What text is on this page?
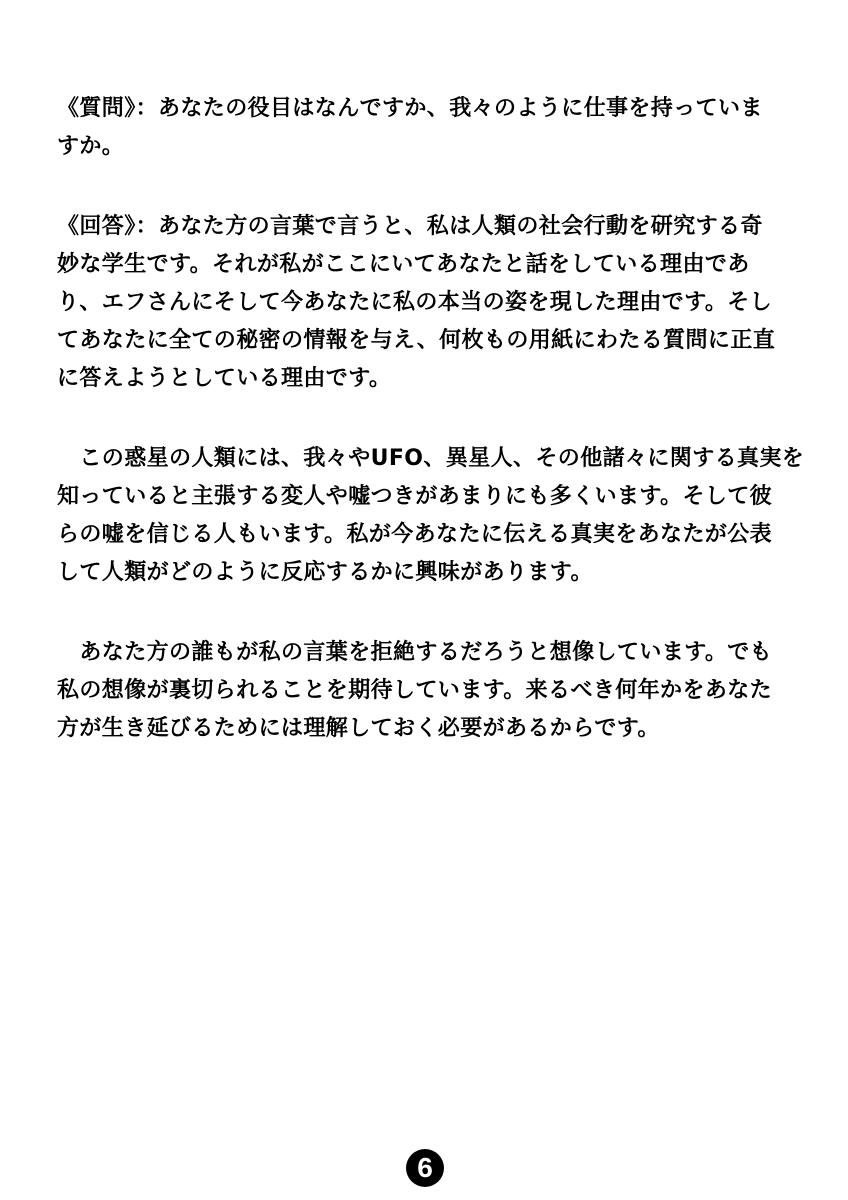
《質問》：あなたの役目はなんですか、我々のように仕事を持っていま
すか。
《回答》：あなた方の言葉で言うと、私は人類の社会行動を研究する奇
妙な学生です。それが私がここにいてあなたと話をしている理由であ
り、エフさんにそして今あなたに私の本当の姿を現した理由です。そし
てあなたに全ての秘密の情報を与え、何枚もの用紙にわたる質問に正直
に答えようとしている理由です。
　この惑星の人類には、我々やUFO、異星人、その他諸々に関する真実を
知っていると主張する変人や嘘つきがあまりにも多くいます。そして彼
らの嘘を信じる人もいます。私が今あなたに伝える真実をあなたが公表
して人類がどのように反応するかに興味があります。
　あなた方の誰もが私の言葉を拒絶するだろうと想像しています。でも
私の想像が裏切られることを期待しています。来るべき何年かをあなた
方が生き延びるためには理解しておく必要があるからです。
6
